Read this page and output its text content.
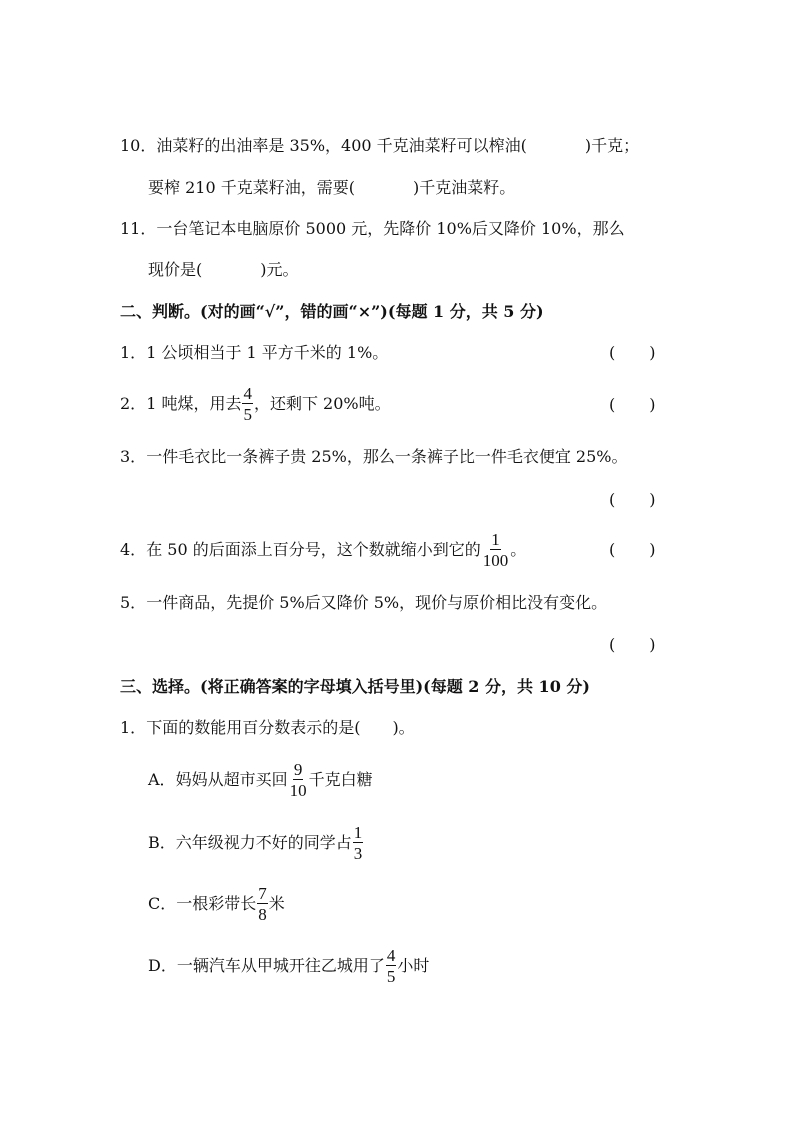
10．油菜籽的出油率是 35%，400 千克油菜籽可以榨油(	)千克；
要榨 210 千克菜籽油，需要(	)千克油菜籽。
11．一台笔记本电脑原价 5000 元，先降价 10%后又降价 10%，那么
现价是(	)元。
二、判断。(对的画“√”，错的画“×”)(每题 1 分，共 5 分)
1．1 公顷相当于 1 平方千米的 1%。	( )
2． 1 吨煤，用去 $\frac{4}{5}$ ，还剩下 20%吨。	( )
3．一件毛衣比一条裤子贵 25%，那么一条裤子比一件毛衣便宜 25%。
( )
4． 在 50 的后面添上百分号，这个数就缩小到它的 $\frac{1}{100}$ 。	( )
5．一件商品，先提价 5%后又降价 5%，现价与原价相比没有变化。
( )
三、选择。(将正确答案的字母填入括号里)(每题 2 分，共 10 分)
1．下面的数能用百分数表示的是( )。
A． 妈妈从超市买回 $\frac{9}{10}$ 千克白糖
B． 六年级视力不好的同学占 $\frac{1}{3}$
C． 一根彩带长 $\frac{7}{8}$ 米
D． 一辆汽车从甲城开往乙城用了 $\frac{4}{5}$ 小时
